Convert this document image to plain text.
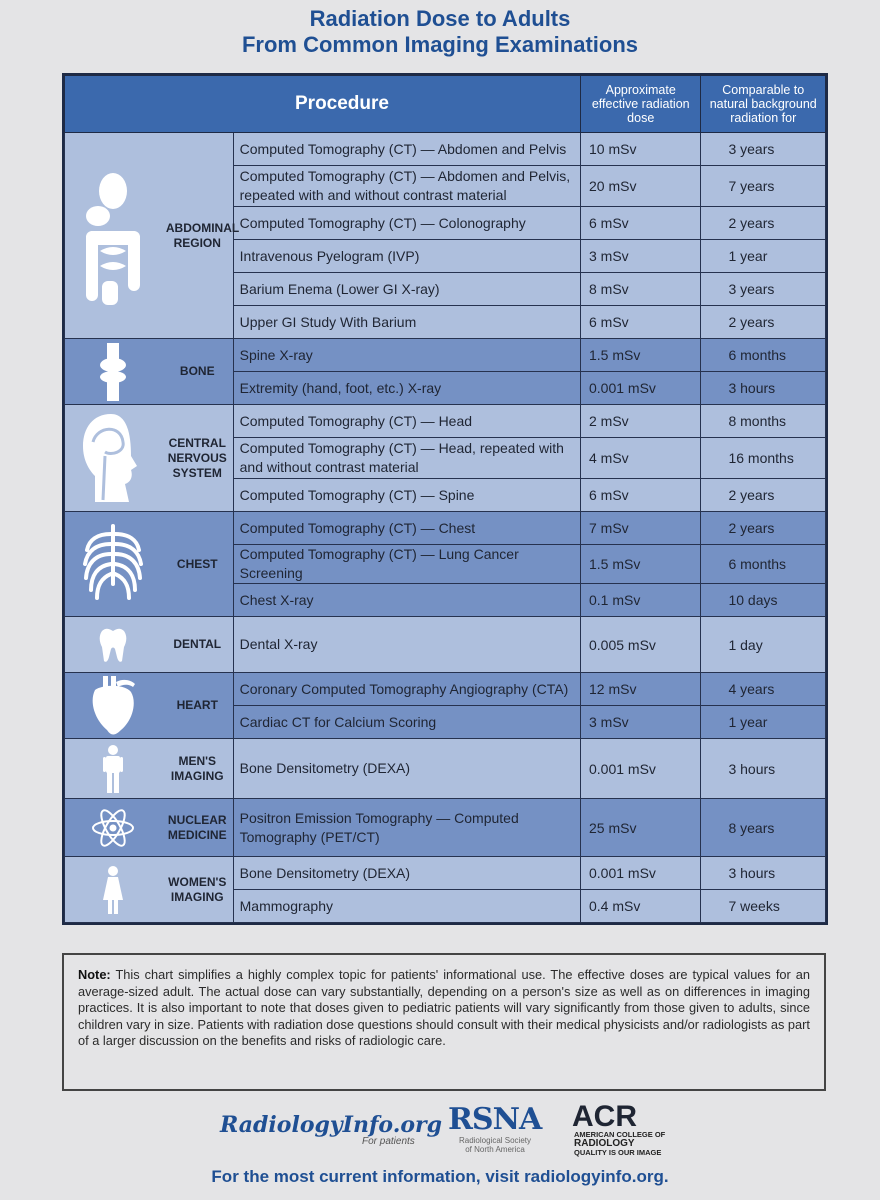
Radiation Dose to Adults
From Common Imaging Examinations
Procedure			Approximate effective radiation dose	Comparable to natural background radiation for

	ABDOMINAL REGION	Computed Tomography (CT) — Abdomen and Pelvis	10 mSv	3 years
		Computed Tomography (CT) — Abdomen and Pelvis, repeated with and without contrast material	20 mSv	7 years
		Computed Tomography (CT) — Colonography	6 mSv	2 years
		Intravenous Pyelogram (IVP)	3 mSv	1 year
		Barium Enema (Lower GI X-ray)	8 mSv	3 years
		Upper GI Study With Barium	6 mSv	2 years

	BONE	Spine X-ray	1.5 mSv	6 months
		Extremity (hand, foot, etc.) X-ray	0.001 mSv	3 hours

	CENTRAL NERVOUS SYSTEM	Computed Tomography (CT) — Head	2 mSv	8 months
		Computed Tomography (CT) — Head, repeated with and without contrast material	4 mSv	16 months
		Computed Tomography (CT) — Spine	6 mSv	2 years

	CHEST	Computed Tomography (CT) — Chest	7 mSv	2 years
		Computed Tomography (CT) — Lung Cancer Screening	1.5 mSv	6 months
		Chest X-ray	0.1 mSv	10 days

	DENTAL	Dental X-ray	0.005 mSv	1 day

	HEART	Coronary Computed Tomography Angiography (CTA)	12 mSv	4 years
		Cardiac CT for Calcium Scoring	3 mSv	1 year

	MEN'S IMAGING	Bone Densitometry (DEXA)	0.001 mSv	3 hours

	NUCLEAR MEDICINE	Positron Emission Tomography — Computed Tomography (PET/CT)	25 mSv	8 years

	WOMEN'S IMAGING	Bone Densitometry (DEXA)	0.001 mSv	3 hours
		Mammography	0.4 mSv	7 weeks
Note: This chart simplifies a highly complex topic for patients' informational use. The effective doses are typical values for an average-sized adult. The actual dose can vary substantially, depending on a person's size as well as on differences in imaging practices. It is also important to note that doses given to pediatric patients will vary significantly from those given to adults, since children vary in size. Patients with radiation dose questions should consult with their medical physicists and/or radiologists as part of a larger discussion on the benefits and risks of radiologic care.
RadiologyInfo.org
For patients
RSNA
Radiological Society of North America
ACR
AMERICAN COLLEGE OF
RADIOLOGY
QUALITY IS OUR IMAGE
For the most current information, visit radiologyinfo.org.
